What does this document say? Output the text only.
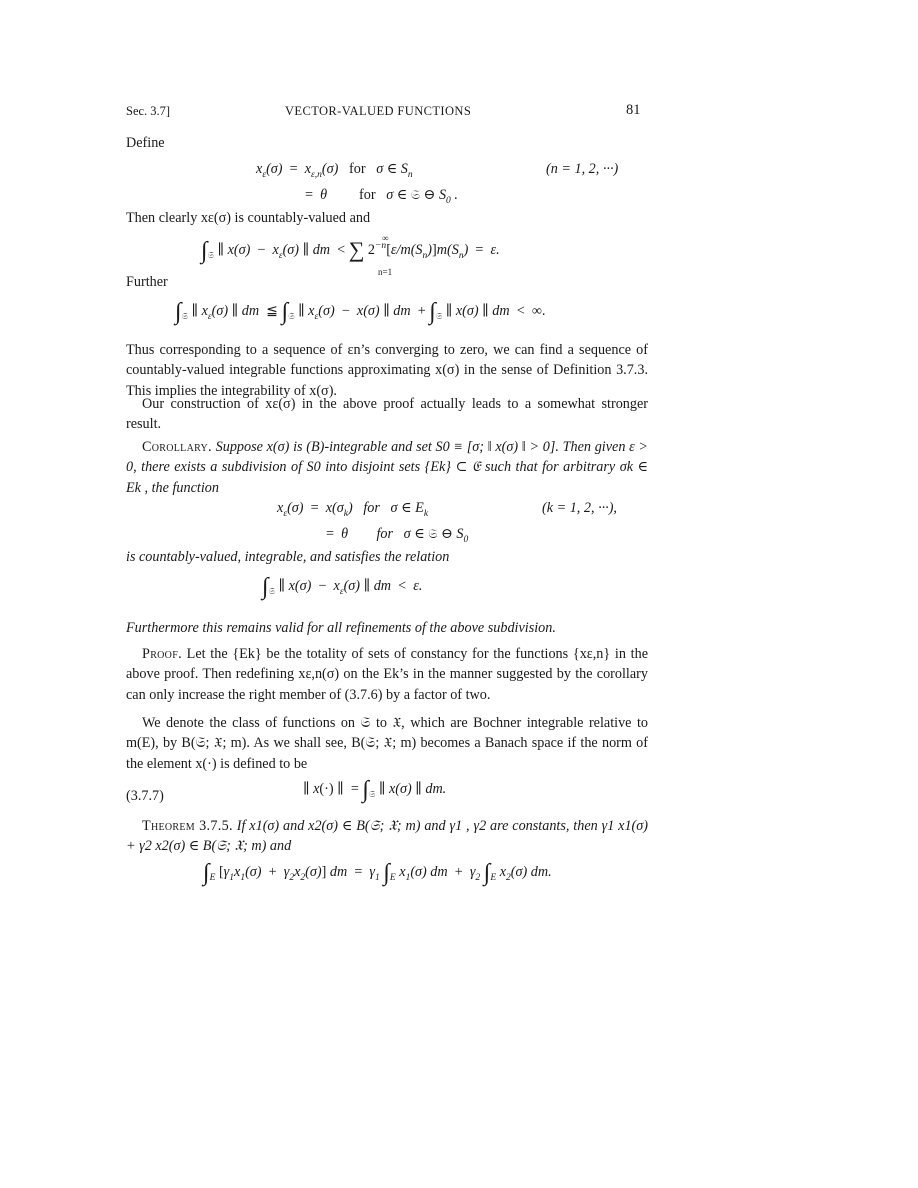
Sec. 3.7]	VECTOR-VALUED FUNCTIONS	81
Define
$x_\varepsilon(\sigma) = x_{\varepsilon,n}(\sigma)$   for   σ ∈ $S_n$	(n = 1, 2, ···)
=  θ         for   σ ∈ 𝔖 ⊖ $S_0$ .
Then clearly xε(σ) is countably-valued and
$\int_𝔖$ ∥ $x(\sigma) - x_\varepsilon(\sigma)$ ∥ dm  < ∑ $2^{-n}[\varepsilon/m(S_n)]m(S_n) = \varepsilon$.
∞
n=1
Further
$\int_𝔖$ ∥ $x_\varepsilon(\sigma)$ ∥ dm  ≦ $\int_𝔖$ ∥ $x_\varepsilon(\sigma) - x(\sigma)$ ∥ dm  + $\int_𝔖$ ∥ x(σ) ∥ dm  <  ∞.
Thus corresponding to a sequence of εn’s converging to zero, we can find a sequence of countably-valued integrable functions approximating x(σ) in the sense of Definition 3.7.3. This implies the integrability of x(σ).
Our construction of xε(σ) in the above proof actually leads to a somewhat stronger result.
Corollary. Suppose x(σ) is (B)-integrable and set S0 ≡ [σ; ‖ x(σ) ‖ > 0]. Then given ε > 0, there exists a subdivision of S0 into disjoint sets {Ek} ⊂ 𝔈 such that for arbitrary σk ∈ Ek , the function
$x_\varepsilon(\sigma) = x(\sigma_k)$   for   σ ∈ $E_k$	(k = 1, 2, ···),
=  θ        for   σ ∈ 𝔖 ⊖ $S_0$
is countably-valued, integrable, and satisfies the relation
$\int_𝔖$ ∥ $x(\sigma) - x_\varepsilon(\sigma)$ ∥ dm  <  ε.
Furthermore this remains valid for all refinements of the above subdivision.
Proof. Let the {Ek} be the totality of sets of constancy for the functions {xε,n} in the above proof. Then redefining xε,n(σ) on the Ek’s in the manner suggested by the corollary can only increase the right member of (3.7.6) by a factor of two.
We denote the class of functions on 𝔖 to 𝔛, which are Bochner integrable relative to m(E), by B(𝔖; 𝔛; m). As we shall see, B(𝔖; 𝔛; m) becomes a Banach space if the norm of the element x(·) is defined to be
(3.7.7)	∥ x(·) ∥  = $\int_𝔖$ ∥ x(σ) ∥ dm.
Theorem 3.7.5. If x1(σ) and x2(σ) ∈ B(𝔖; 𝔛; m) and γ1 , γ2 are constants, then γ1 x1(σ) + γ2 x2(σ) ∈ B(𝔖; 𝔛; m) and
$\int_E$ $[\gamma_1x_1(\sigma) + \gamma_2x_2(\sigma)]$ dm  =  $\gamma_1$ $\int_E$ $x_1(\sigma)$ dm  +  $\gamma_2$ $\int_E$ $x_2(\sigma)$ dm.
